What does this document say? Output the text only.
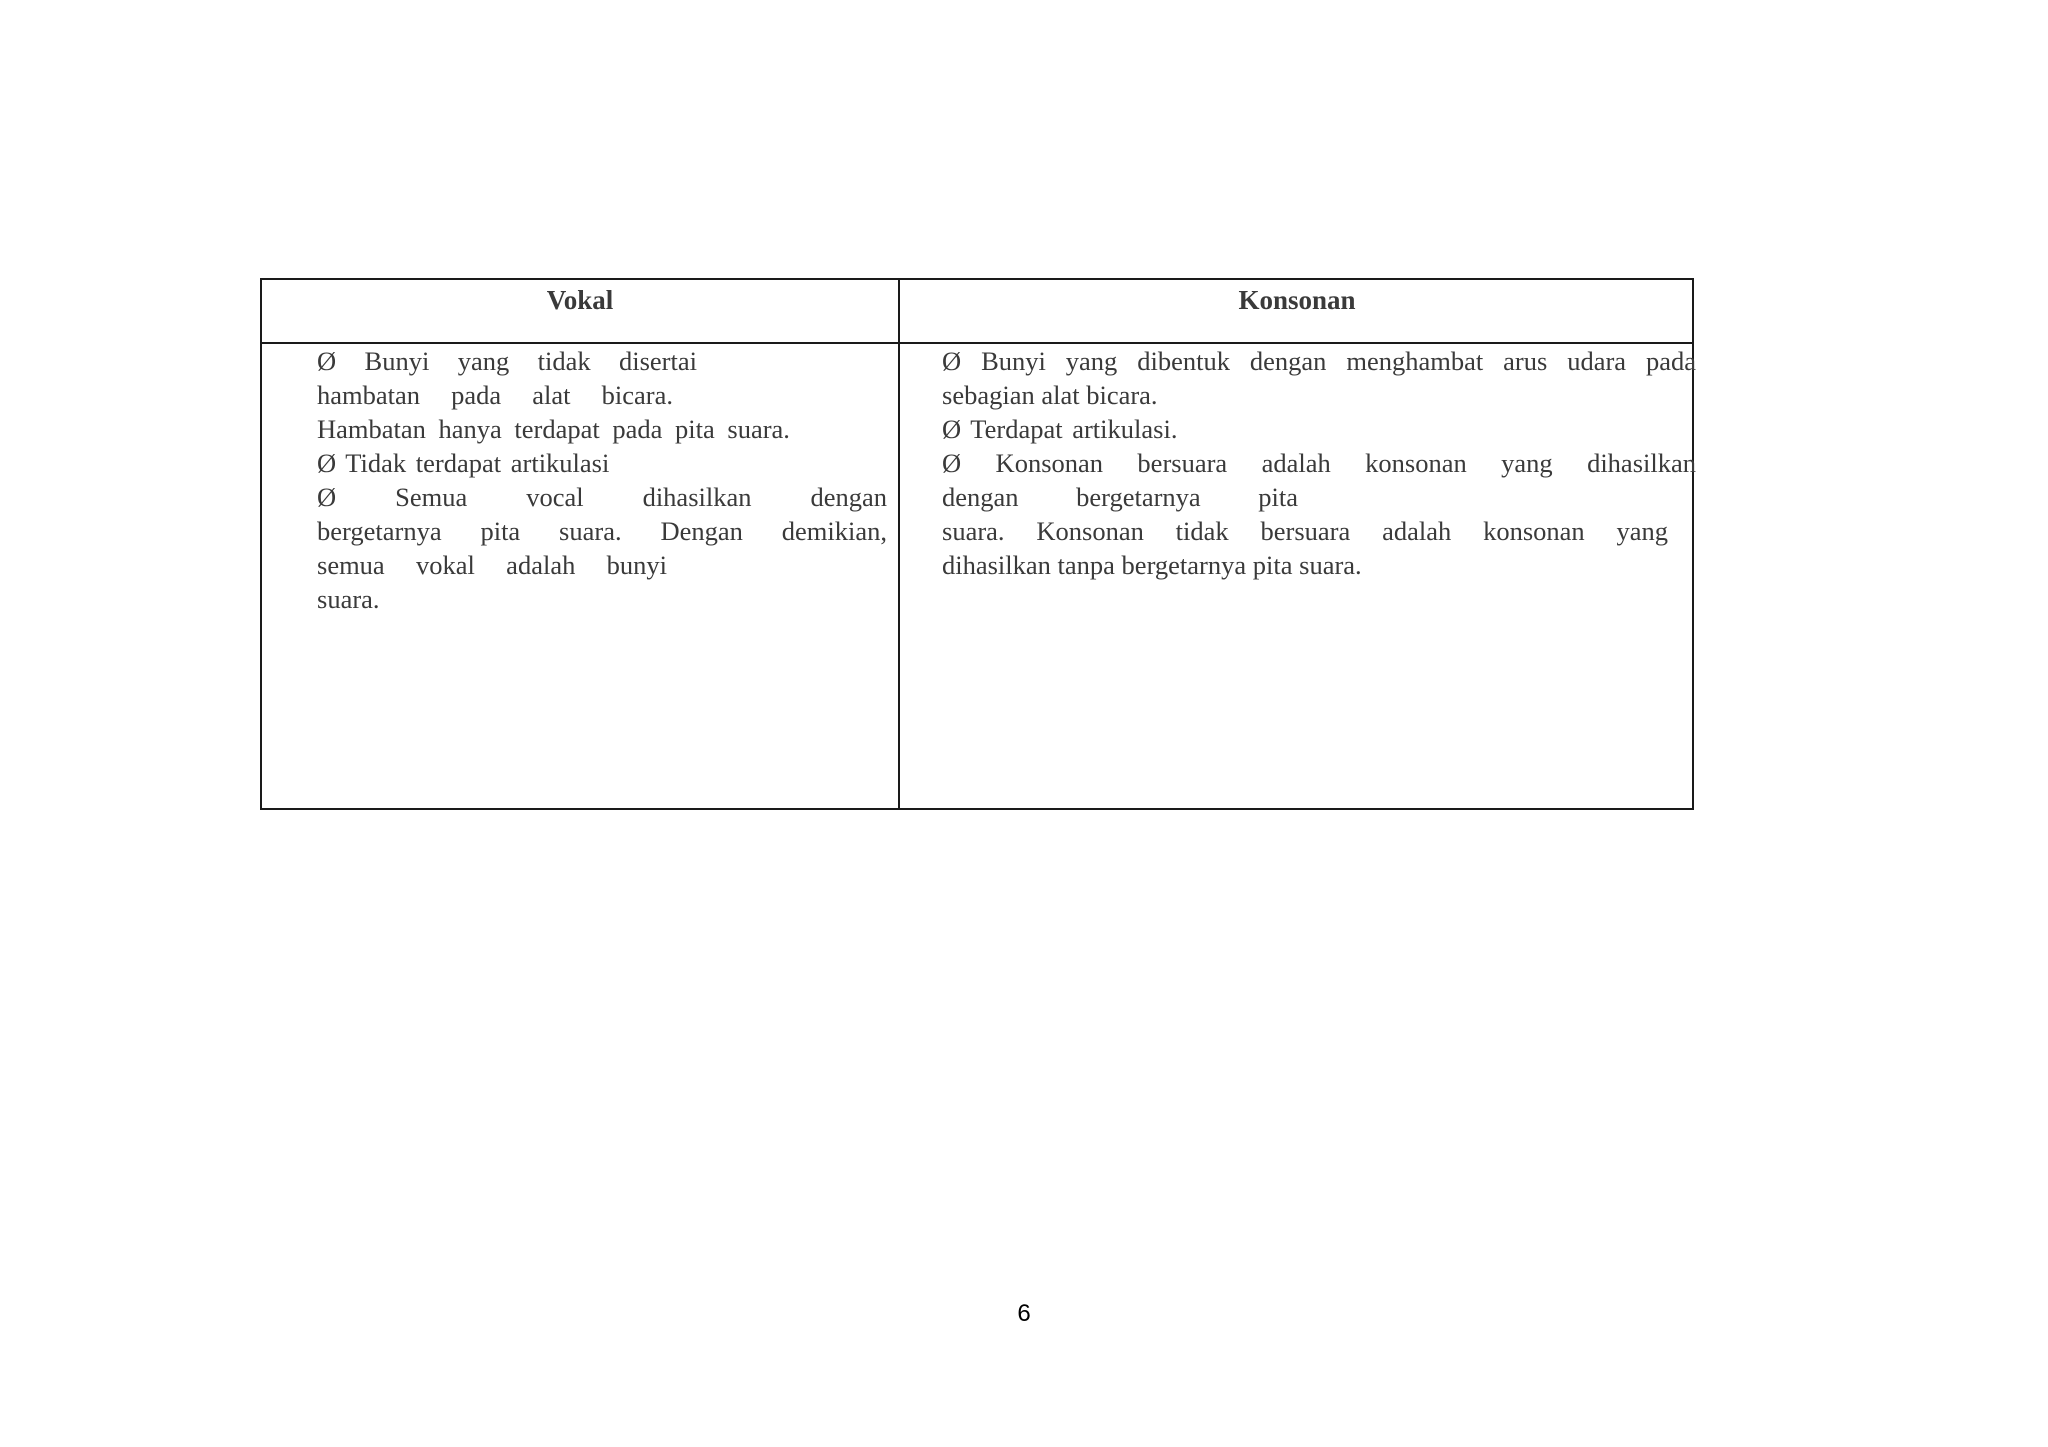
Vokal	Konsonan
Ø Bunyi yang tidak disertai
hambatan pada alat bicara.
Hambatan hanya terdapat pada pita suara.
Ø Tidak terdapat artikulasi
Ø Semua vocal dihasilkan dengan
bergetarnya pita suara. Dengan demikian,
semua vokal adalah bunyi
suara.
Ø Bunyi yang dibentuk dengan menghambat arus udara pada
sebagian alat bicara.
Ø Terdapat artikulasi.
Ø Konsonan bersuara adalah konsonan yang dihasilkan
dengan bergetarnya pita
suara. Konsonan tidak bersuara adalah konsonan yang
dihasilkan tanpa bergetarnya pita suara.
6
